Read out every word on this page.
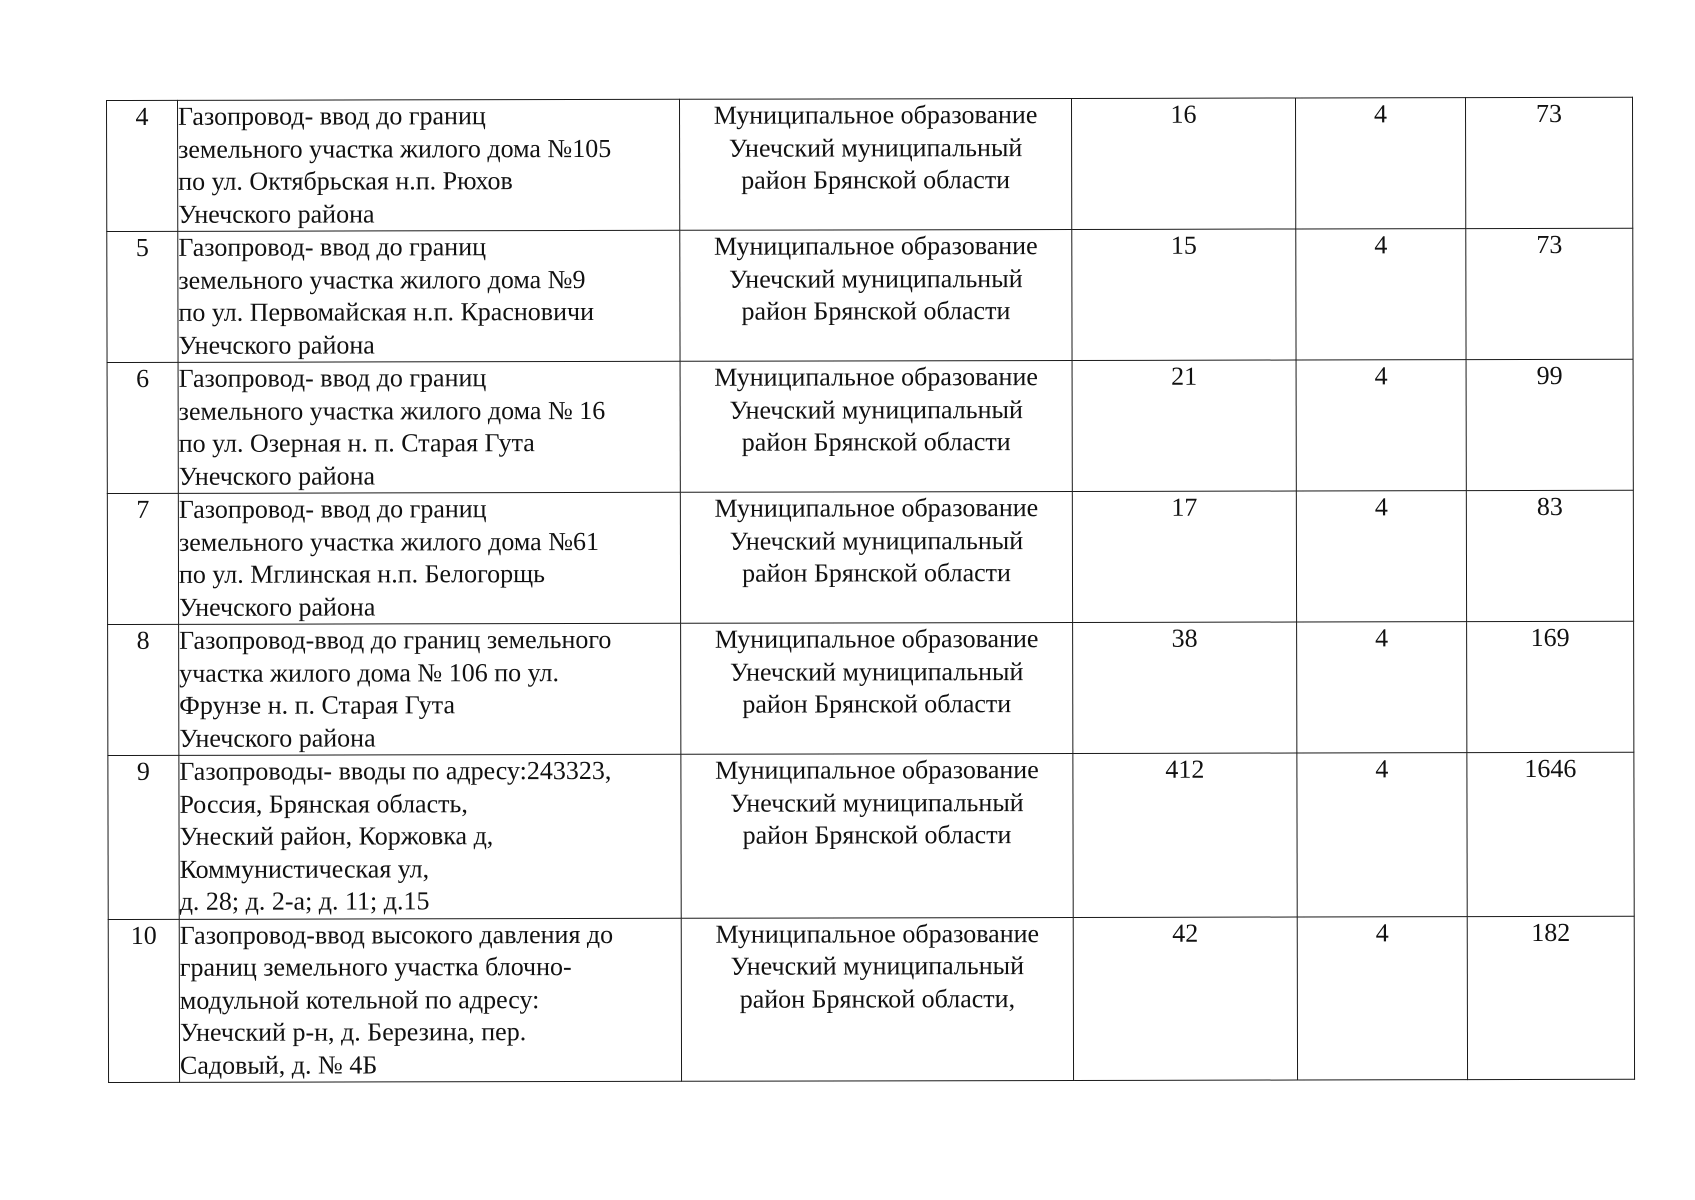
4	Газопровод- ввод до границ
земельного участка жилого дома №105
по ул. Октябрьская н.п. Рюхов
Унечского района	Муниципальное образование
Унечский муниципальный
район Брянской области	16	4	73
5	Газопровод- ввод до границ
земельного участка жилого дома №9
по ул. Первомайская н.п. Красновичи
Унечского района	Муниципальное образование
Унечский муниципальный
район Брянской области	15	4	73
6	Газопровод- ввод до границ
земельного участка жилого дома № 16
по ул. Озерная н. п. Старая Гута
Унечского района	Муниципальное образование
Унечский муниципальный
район Брянской области	21	4	99
7	Газопровод- ввод до границ
земельного участка жилого дома №61
по ул. Мглинская н.п. Белогорщь
Унечского района	Муниципальное образование
Унечский муниципальный
район Брянской области	17	4	83
8	Газопровод-ввод до границ земельного
участка жилого дома № 106 по ул.
Фрунзе н. п. Старая Гута
Унечского района	Муниципальное образование
Унечский муниципальный
район Брянской области	38	4	169
9	Газопроводы- вводы по адресу:243323,
Россия, Брянская область,
Унеский район, Коржовка д,
Коммунистическая ул,
д. 28; д. 2-а; д. 11; д.15	Муниципальное образование
Унечский муниципальный
район Брянской области	412	4	1646
10	Газопровод-ввод высокого давления до
границ земельного участка блочно-
модульной котельной по адресу:
Унечский р-н, д. Березина, пер.
Садовый, д. № 4Б	Муниципальное образование
Унечский муниципальный
район Брянской области,	42	4	182
